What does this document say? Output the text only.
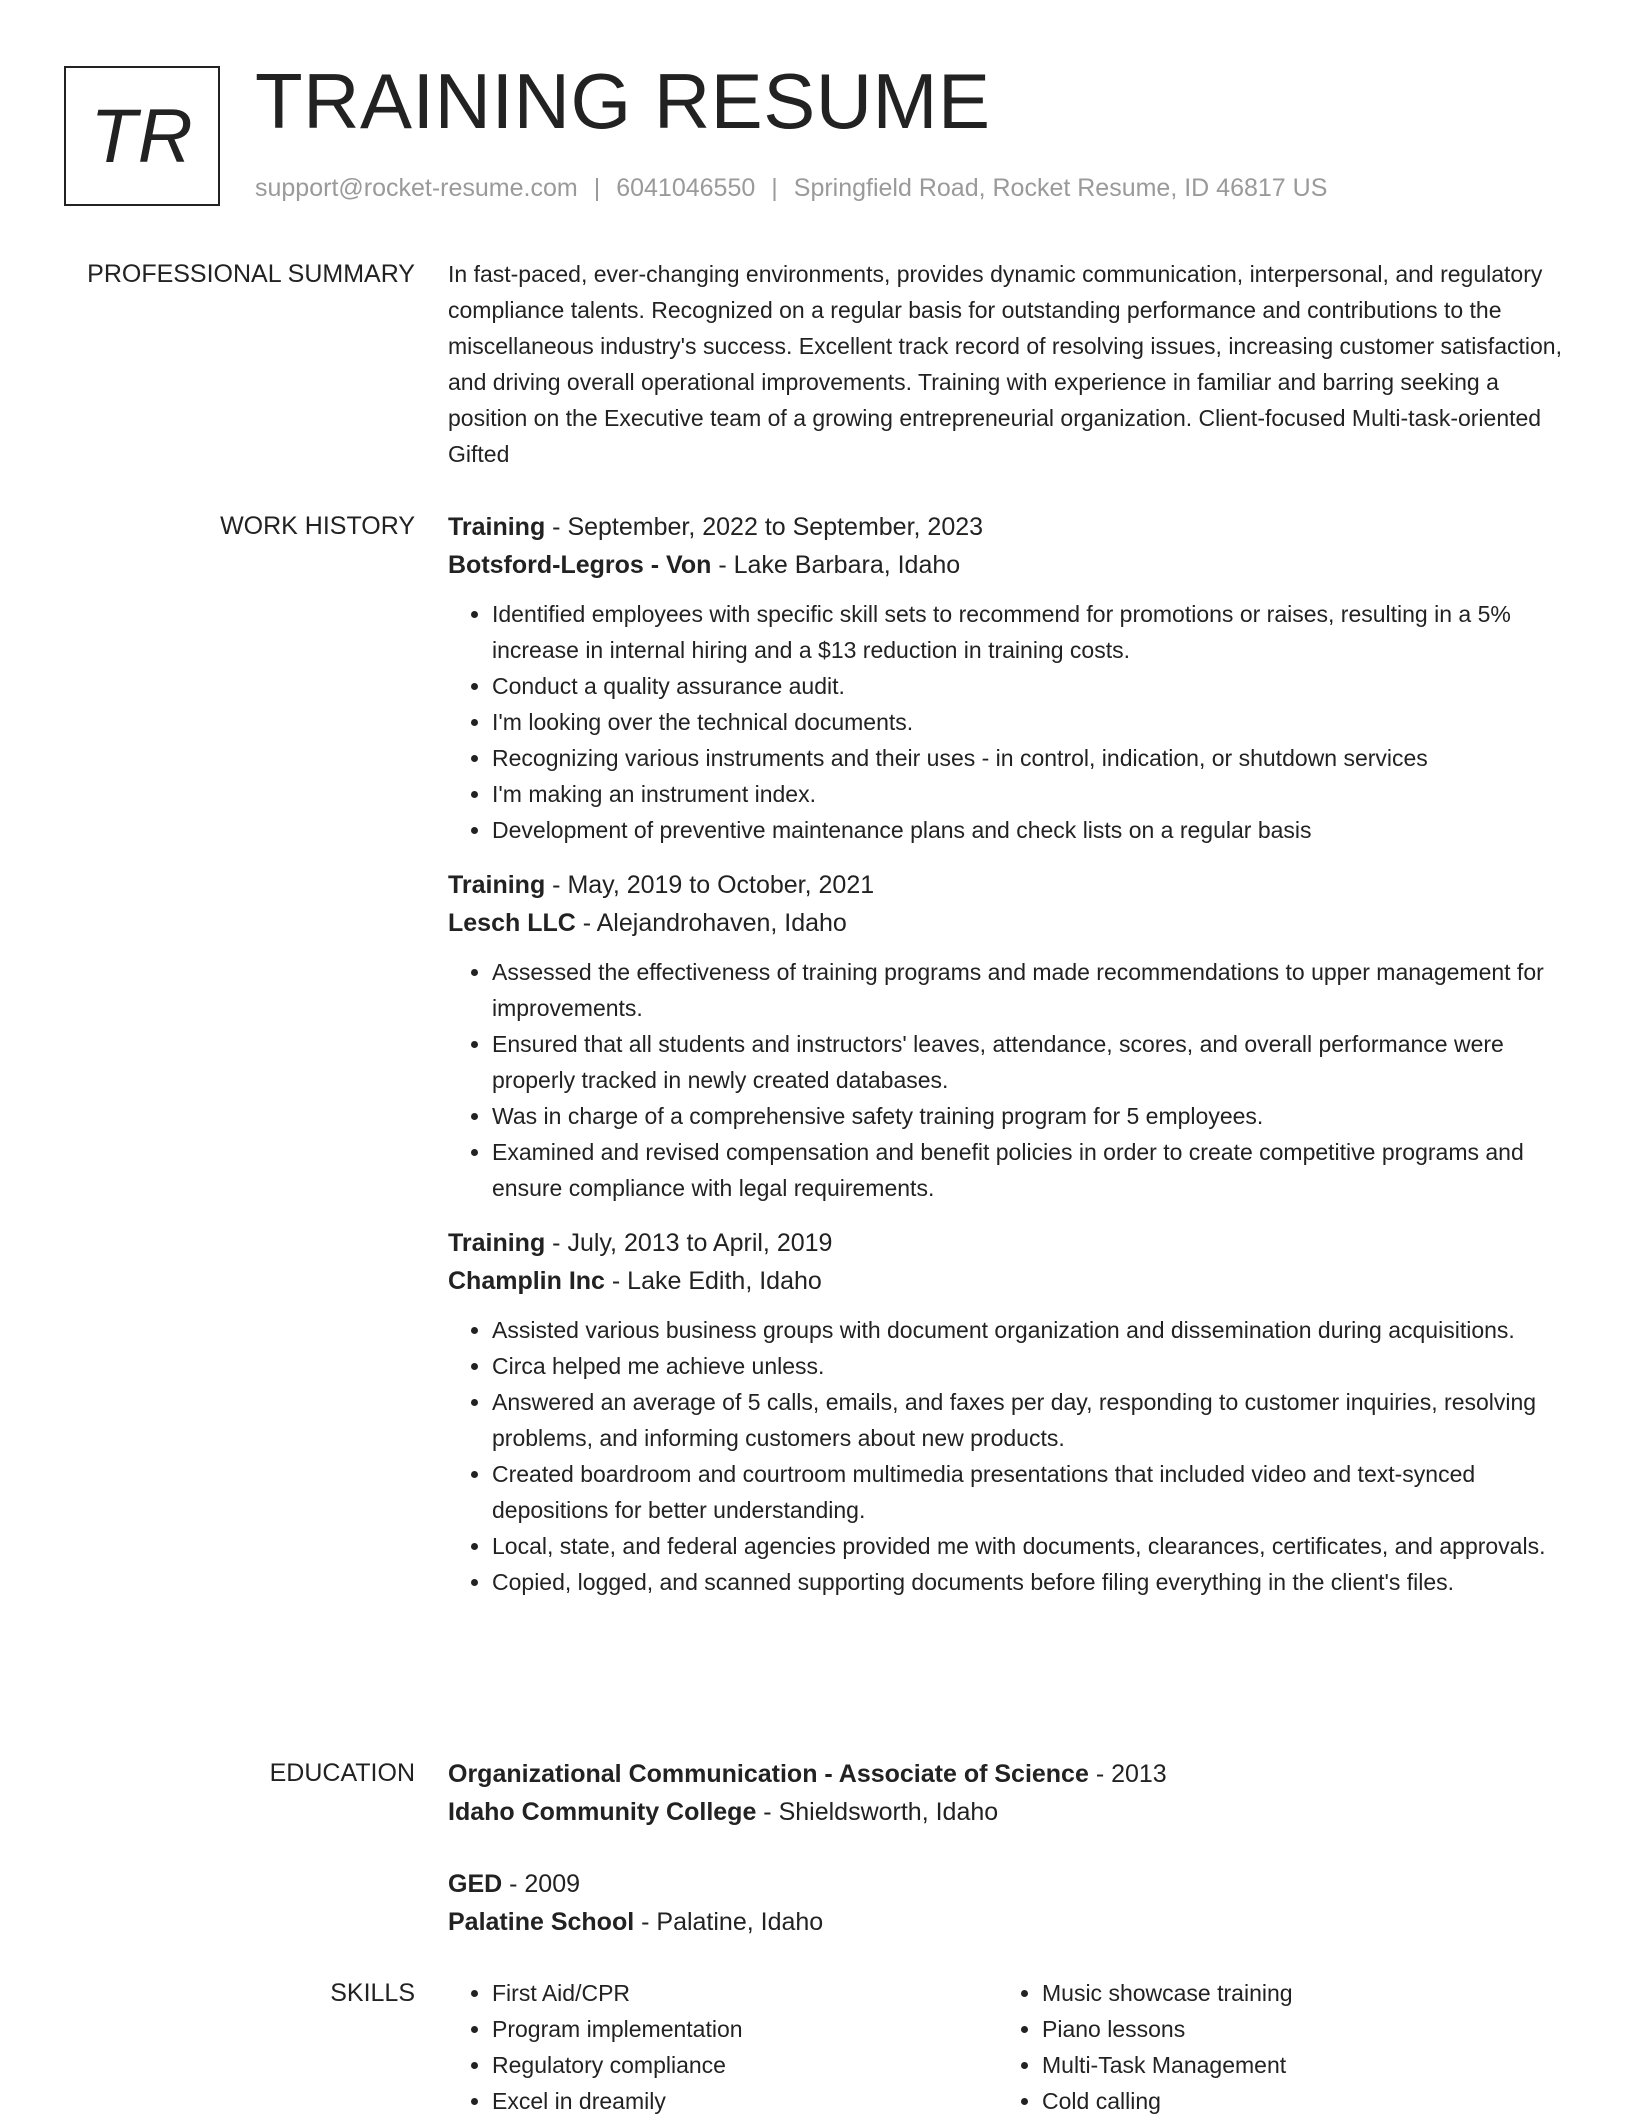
TR TRAINING RESUME
support@rocket-resume.com | 6041046550 | Springfield Road, Rocket Resume, ID 46817 US
PROFESSIONAL SUMMARY In fast-paced, ever-changing environments, provides dynamic communication, interpersonal, and regulatory compliance talents. Recognized on a regular basis for outstanding performance and contributions to the miscellaneous industry's success. Excellent track record of resolving issues, increasing customer satisfaction, and driving overall operational improvements. Training with experience in familiar and barring seeking a position on the Executive team of a growing entrepreneurial organization. Client-focused Multi-task-oriented Gifted

WORK HISTORY Training - September, 2022 to September, 2023
Botsford-Legros - Von - Lake Barbara, Idaho
• Identified employees with specific skill sets to recommend for promotions or raises, resulting in a 5% increase in internal hiring and a $13 reduction in training costs.
• Conduct a quality assurance audit.
• I'm looking over the technical documents.
• Recognizing various instruments and their uses - in control, indication, or shutdown services
• I'm making an instrument index.
• Development of preventive maintenance plans and check lists on a regular basis
Training - May, 2019 to October, 2021
Lesch LLC - Alejandrohaven, Idaho
• Assessed the effectiveness of training programs and made recommendations to upper management for improvements.
• Ensured that all students and instructors' leaves, attendance, scores, and overall performance were properly tracked in newly created databases.
• Was in charge of a comprehensive safety training program for 5 employees.
• Examined and revised compensation and benefit policies in order to create competitive programs and ensure compliance with legal requirements.
Training - July, 2013 to April, 2019
Champlin Inc - Lake Edith, Idaho
• Assisted various business groups with document organization and dissemination during acquisitions.
• Circa helped me achieve unless.
• Answered an average of 5 calls, emails, and faxes per day, responding to customer inquiries, resolving problems, and informing customers about new products.
• Created boardroom and courtroom multimedia presentations that included video and text-synced depositions for better understanding.
• Local, state, and federal agencies provided me with documents, clearances, certificates, and approvals.
• Copied, logged, and scanned supporting documents before filing everything in the client's files.
EDUCATION Organizational Communication - Associate of Science - 2013
Idaho Community College - Shieldsworth, Idaho
GED - 2009
Palatine School - Palatine, Idaho
SKILLS
•	First Aid/CPR
• Program implementation
• Regulatory compliance
• Excel in dreamily
• Music showcase training
• Piano lessons
• Multi-Task Management
• Cold calling
